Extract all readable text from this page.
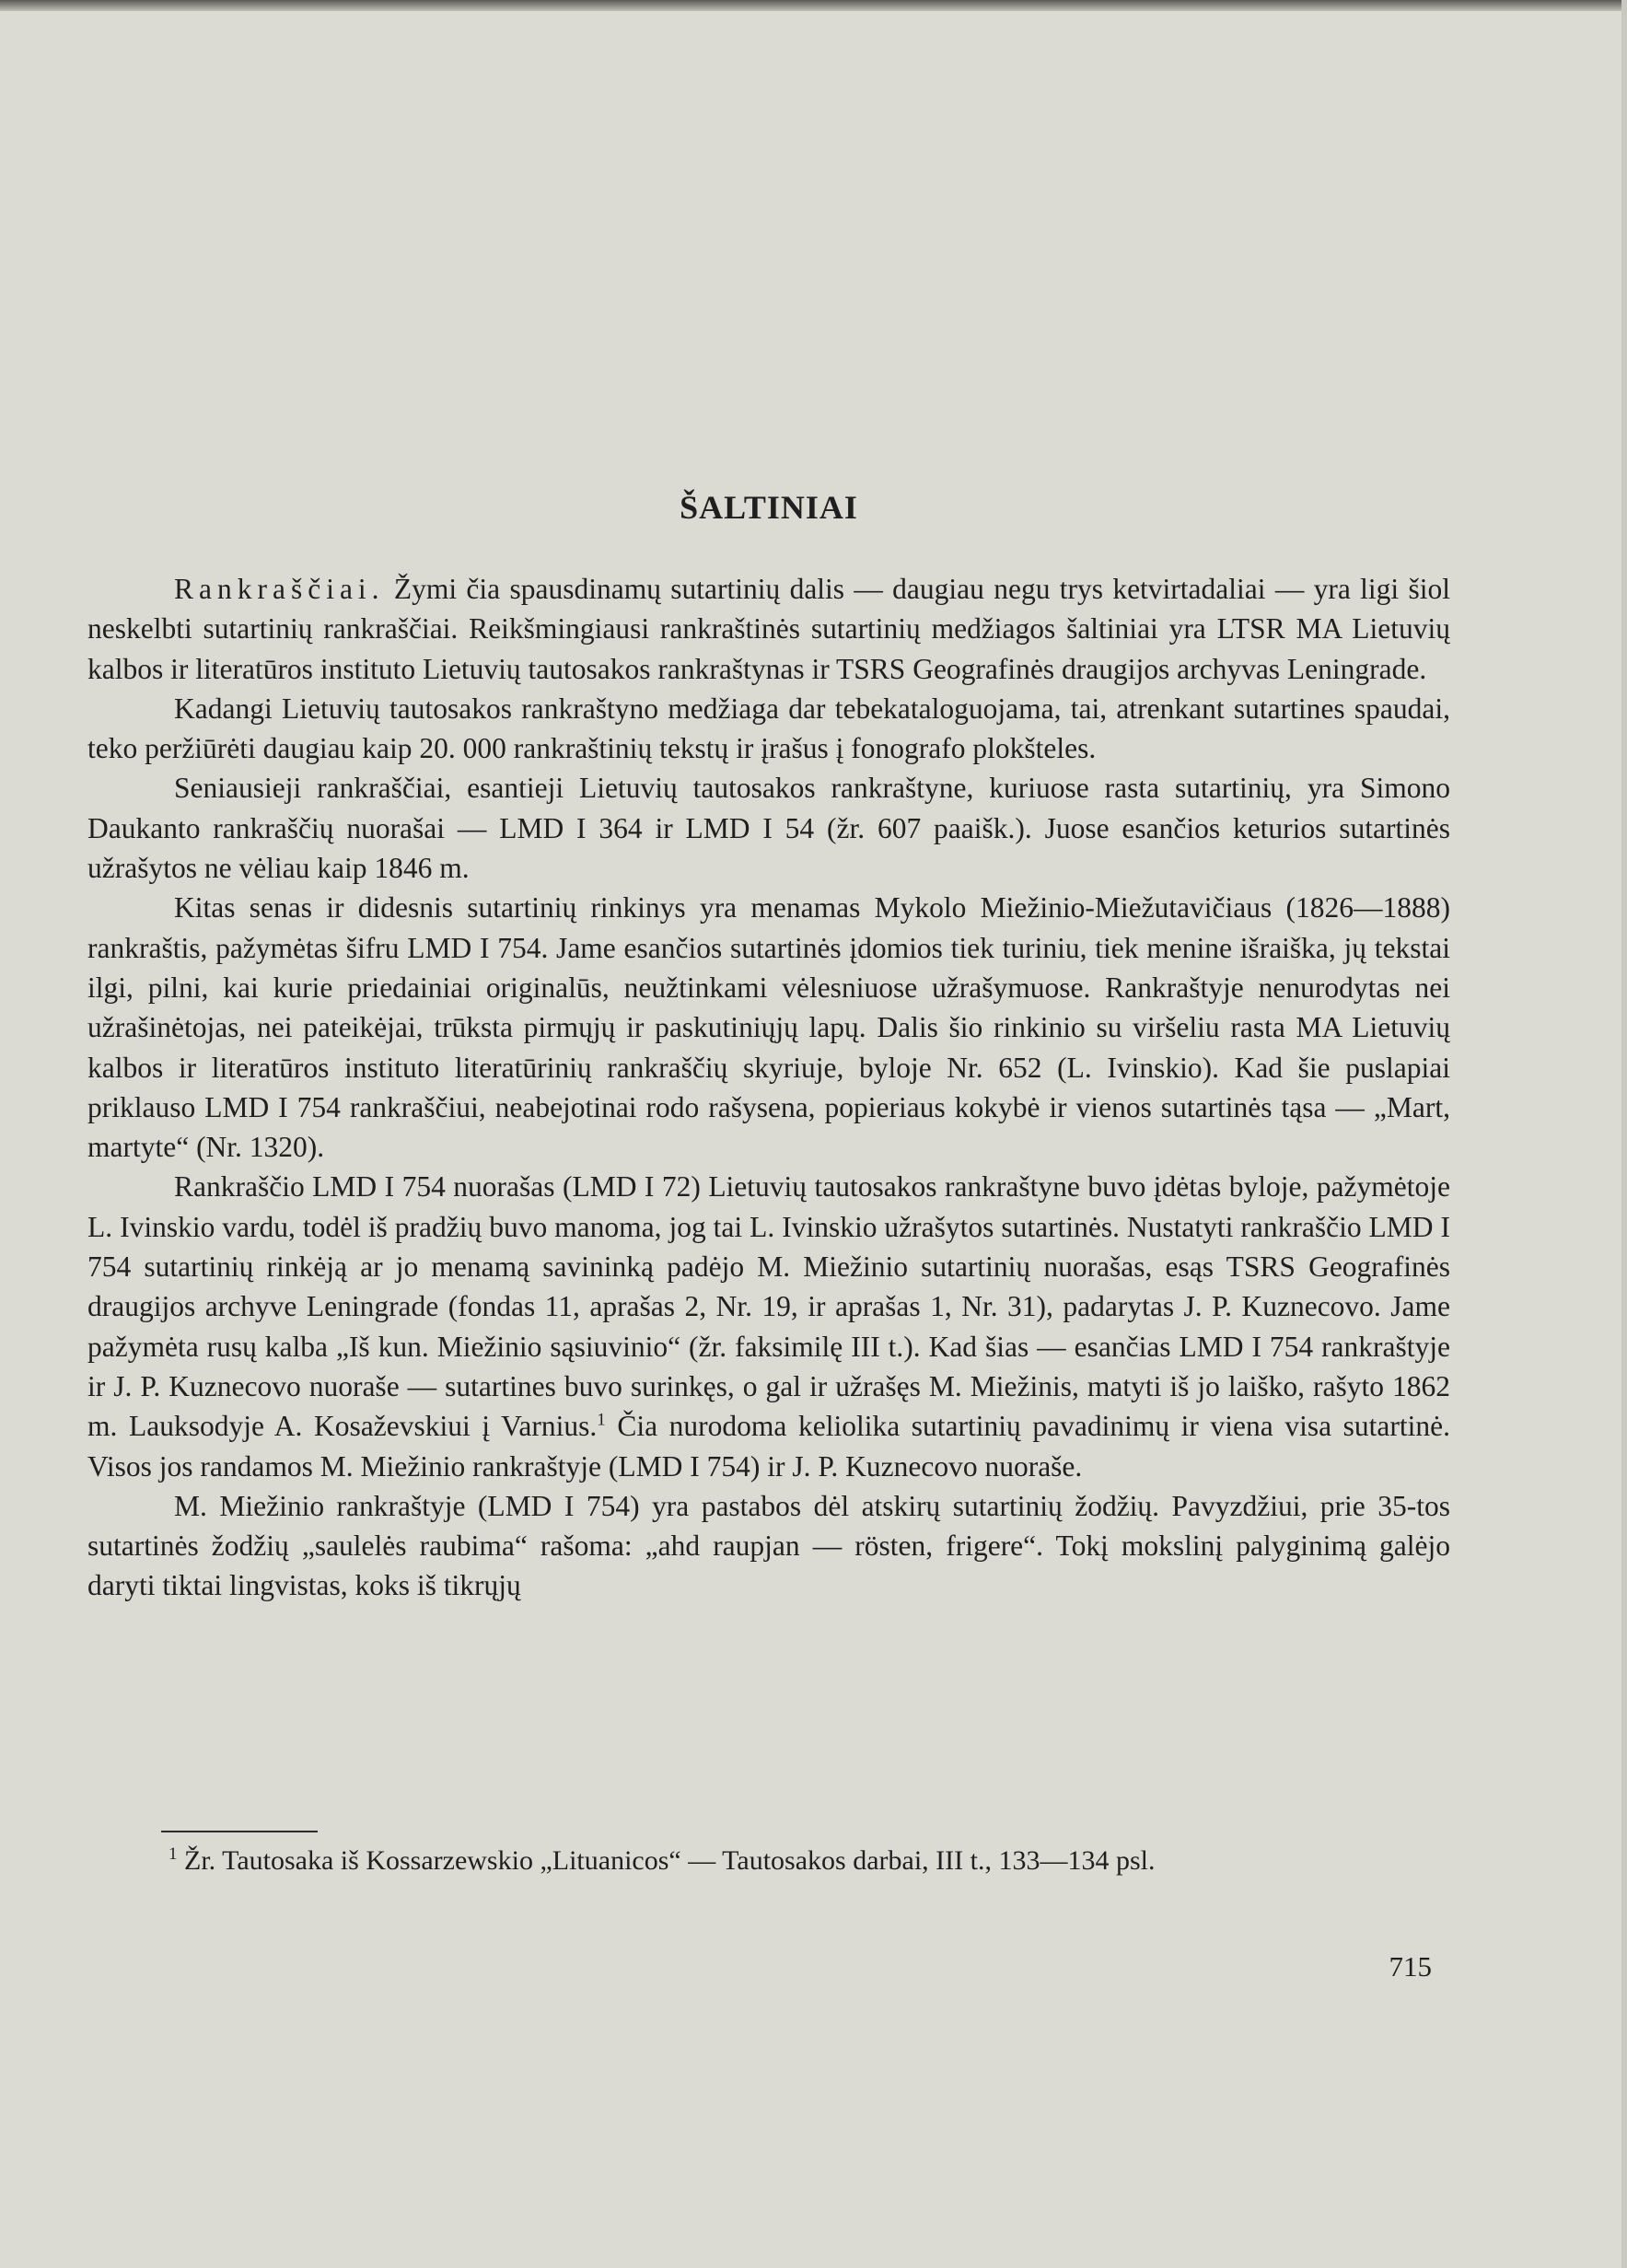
ŠALTINIAI

Rankraščiai. Žymi čia spausdinamų sutartinių dalis — daugiau negu trys ketvirtadaliai — yra ligi šiol neskelbti sutartinių rankraščiai. Reikšmingiausi rankraštinės sutartinių medžiagos šaltiniai yra LTSR MA Lietuvių kalbos ir literatūros instituto Lietuvių tautosakos rankraštynas ir TSRS Geografinės draugijos archyvas Leningrade.

Kadangi Lietuvių tautosakos rankraštyno medžiaga dar tebekataloguojama, tai, atrenkant sutartines spaudai, teko peržiūrėti daugiau kaip 20. 000 rankraštinių tekstų ir įrašus į fonografo plokšteles.

Seniausieji rankraščiai, esantieji Lietuvių tautosakos rankraštyne, kuriuose rasta sutartinių, yra Simono Daukanto rankraščių nuorašai — LMD I 364 ir LMD I 54 (žr. 607 paaišk.). Juose esančios keturios sutartinės užrašytos ne vėliau kaip 1846 m.

Kitas senas ir didesnis sutartinių rinkinys yra menamas Mykolo Miežinio-Miežutavičiaus (1826—1888) rankraštis, pažymėtas šifru LMD I 754. Jame esančios sutartinės įdomios tiek turiniu, tiek menine išraiška, jų tekstai ilgi, pilni, kai kurie priedainiai originalūs, neužtinkami vėlesniuose užrašymuose. Rankraštyje nenurodytas nei užrašinėtojas, nei pateikėjai, trūksta pirmųjų ir paskutiniųjų lapų. Dalis šio rinkinio su viršeliu rasta MA Lietuvių kalbos ir literatūros instituto literatūrinių rankraščių skyriuje, byloje Nr. 652 (L. Ivinskio). Kad šie puslapiai priklauso LMD I 754 rankraščiui, neabejotinai rodo rašysena, popieriaus kokybė ir vienos sutartinės tąsa — „Mart, martyte“ (Nr. 1320).

Rankraščio LMD I 754 nuorašas (LMD I 72) Lietuvių tautosakos rankraštyne buvo įdėtas byloje, pažymėtoje L. Ivinskio vardu, todėl iš pradžių buvo manoma, jog tai L. Ivinskio užrašytos sutartinės. Nustatyti rankraščio LMD I 754 sutartinių rinkėją ar jo menamą savininką padėjo M. Miežinio sutartinių nuorašas, esąs TSRS Geografinės draugijos archyve Leningrade (fondas 11, aprašas 2, Nr. 19, ir aprašas 1, Nr. 31), padarytas J. P. Kuznecovo. Jame pažymėta rusų kalba „Iš kun. Miežinio sąsiuvinio“ (žr. faksimilę III t.). Kad šias — esančias LMD I 754 rankraštyje ir J. P. Kuznecovo nuoraše — sutartines buvo surinkęs, o gal ir užrašęs M. Miežinis, matyti iš jo laiško, rašyto 1862 m. Lauksodyje A. Kosaževskiui į Varnius.$^1$ Čia nurodoma keliolika sutartinių pavadinimų ir viena visa sutartinė. Visos jos randamos M. Miežinio rankraštyje (LMD I 754) ir J. P. Kuznecovo nuoraše.

M. Miežinio rankraštyje (LMD I 754) yra pastabos dėl atskirų sutartinių žodžių. Pavyzdžiui, prie 35-tos sutartinės žodžių „saulelės raubima“ rašoma: „ahd raupjan — rösten, frigere“. Tokį mokslinį palyginimą galėjo daryti tiktai lingvistas, koks iš tikrųjų

$^1$ Žr. Tautosaka iš Kossarzewskio „Lituanicos“ — Tautosakos darbai, III t., 133—134 psl.
715
